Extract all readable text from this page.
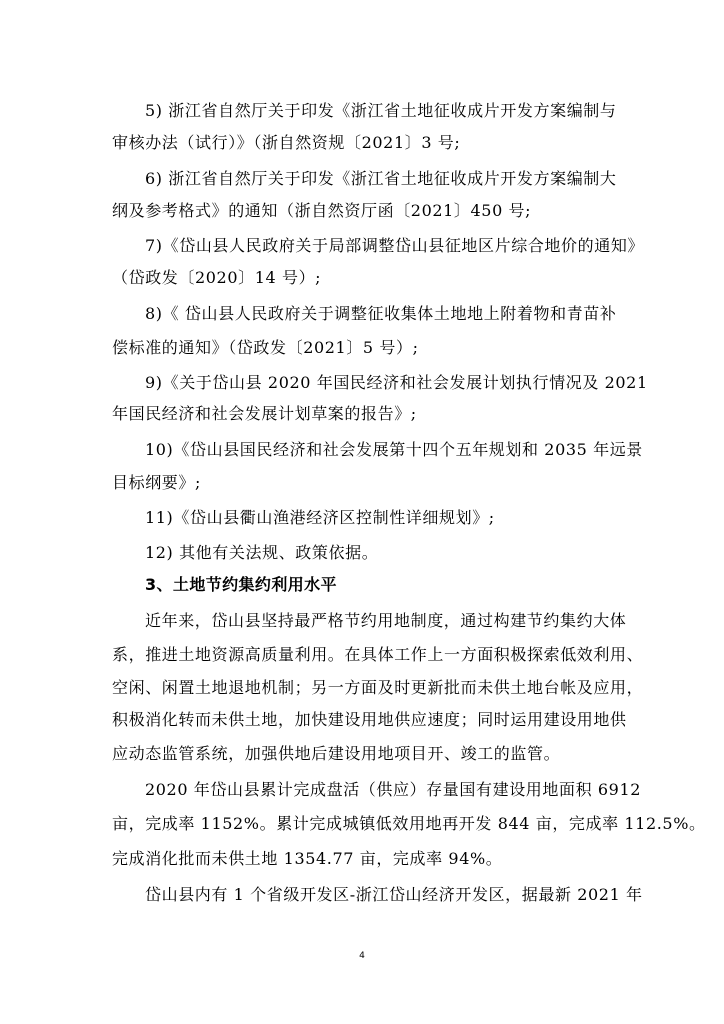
5) 浙江省自然厅关于印发《浙江省土地征收成片开发方案编制与
审核办法（试行）》（浙自然资规〔2021〕3 号;
6) 浙江省自然厅关于印发《浙江省土地征收成片开发方案编制大
纲及参考格式》的通知（浙自然资厅函〔2021〕450 号;
7)《岱山县人民政府关于局部调整岱山县征地区片综合地价的通知》
（岱政发〔2020〕14 号）;
8)《 岱山县人民政府关于调整征收集体土地地上附着物和青苗补
偿标准的通知》（岱政发〔2021〕5 号）;
9)《关于岱山县 2020 年国民经济和社会发展计划执行情况及 2021
年国民经济和社会发展计划草案的报告》;
10)《岱山县国民经济和社会发展第十四个五年规划和 2035 年远景
目标纲要》;
11)《岱山县衢山渔港经济区控制性详细规划》;
12) 其他有关法规、政策依据。
3、土地节约集约利用水平
近年来，岱山县坚持最严格节约用地制度，通过构建节约集约大体
系，推进土地资源高质量利用。在具体工作上一方面积极探索低效利用、
空闲、闲置土地退地机制；另一方面及时更新批而未供土地台帐及应用，
积极消化转而未供土地，加快建设用地供应速度；同时运用建设用地供
应动态监管系统，加强供地后建设用地项目开、竣工的监管。
2020 年岱山县累计完成盘活（供应）存量国有建设用地面积 6912
亩，完成率 1152%。累计完成城镇低效用地再开发 844 亩，完成率 112.5%。
完成消化批而未供土地 1354.77 亩，完成率 94%。
岱山县内有 1 个省级开发区-浙江岱山经济开发区，据最新 2021 年
4
